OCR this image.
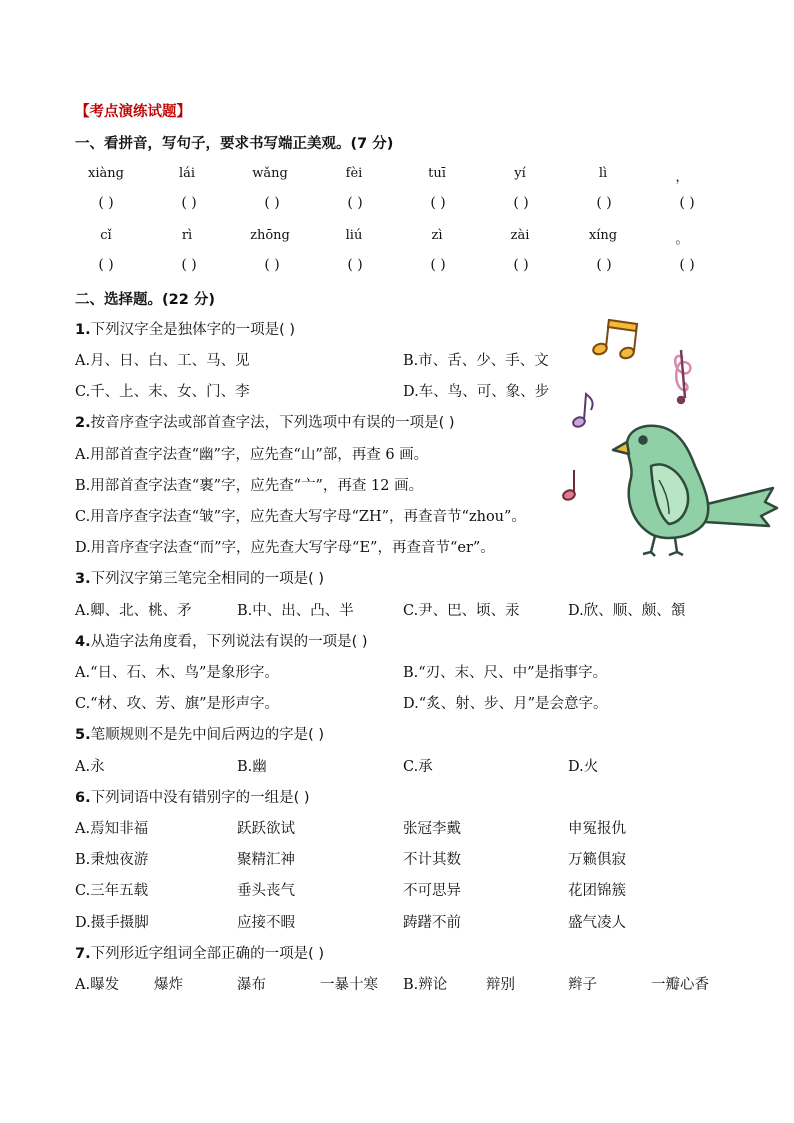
【考点演练试题】
一、看拼音，写句子，要求书写端正美观。(7 分)
xiàng	lái	wǎng	fèi	tuī	yí	lì	，
( )	( )	( )	( )	( )	( )	( )	( )
cǐ	rì	zhōng	liú	zì	zài	xíng	。
( )	( )	( )	( )	( )	( )	( )	( )
二、选择题。(22 分)
1.下列汉字全是独体字的一项是( )
A.月、日、白、工、马、见	B.市、舌、少、手、文
C.千、上、末、女、门、李	D.车、鸟、可、象、步
2.按音序查字法或部首查字法，下列选项中有误的一项是( )
A.用部首查字法查“幽”字，应先查“山”部，再查 6 画。
B.用部首查字法查“裹”字，应先查“亠”，再查 12 画。
C.用音序查字法查“皱”字，应先查大写字母“ZH”，再查音节“zhou”。
D.用音序查字法查“而”字，应先查大写字母“E”，再查音节“er”。
3.下列汉字第三笔完全相同的一项是( )
A.卿、北、桃、矛	B.中、出、凸、半	C.尹、巴、顷、汞	D.欣、顺、颇、頷
4.从造字法角度看，下列说法有误的一项是( )
A.“日、石、木、鸟”是象形字。	B.“刃、末、尺、中”是指事字。
C.“材、攻、芳、旗”是形声字。	D.“炙、射、步、月”是会意字。
5.笔顺规则不是先中间后两边的字是( )
A.永	B.幽	C.承	D.火
6.下列词语中没有错别字的一组是( )
A.焉知非福	跃跃欲试	张冠李戴	申冤报仇
B.秉烛夜游	聚精汇神	不计其数	万籁俱寂
C.三年五载	垂头丧气	不可思异	花团锦簇
D.摄手摄脚	应接不暇	踌躇不前	盛气凌人
7.下列形近字组词全部正确的一项是( )
A.曝发 爆炸	瀑布	一暴十寒 B.辨论	辩别	辫子	一瓣心香
